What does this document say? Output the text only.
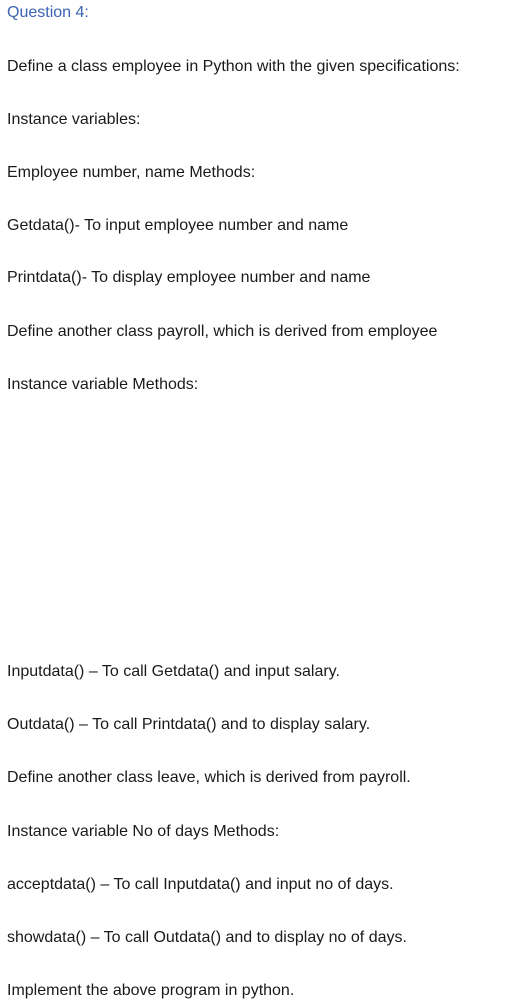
Question 4:
Define a class employee in Python with the given specifications:
Instance variables:
Employee number, name Methods:
Getdata()- To input employee number and name
Printdata()- To display employee number and name
Define another class payroll, which is derived from employee
Instance variable Methods:
Inputdata() – To call Getdata() and input salary.
Outdata() – To call Printdata() and to display salary.
Define another class leave, which is derived from payroll.
Instance variable No of days Methods:
acceptdata() – To call Inputdata() and input no of days.
showdata() – To call Outdata() and to display no of days.
Implement the above program in python.
